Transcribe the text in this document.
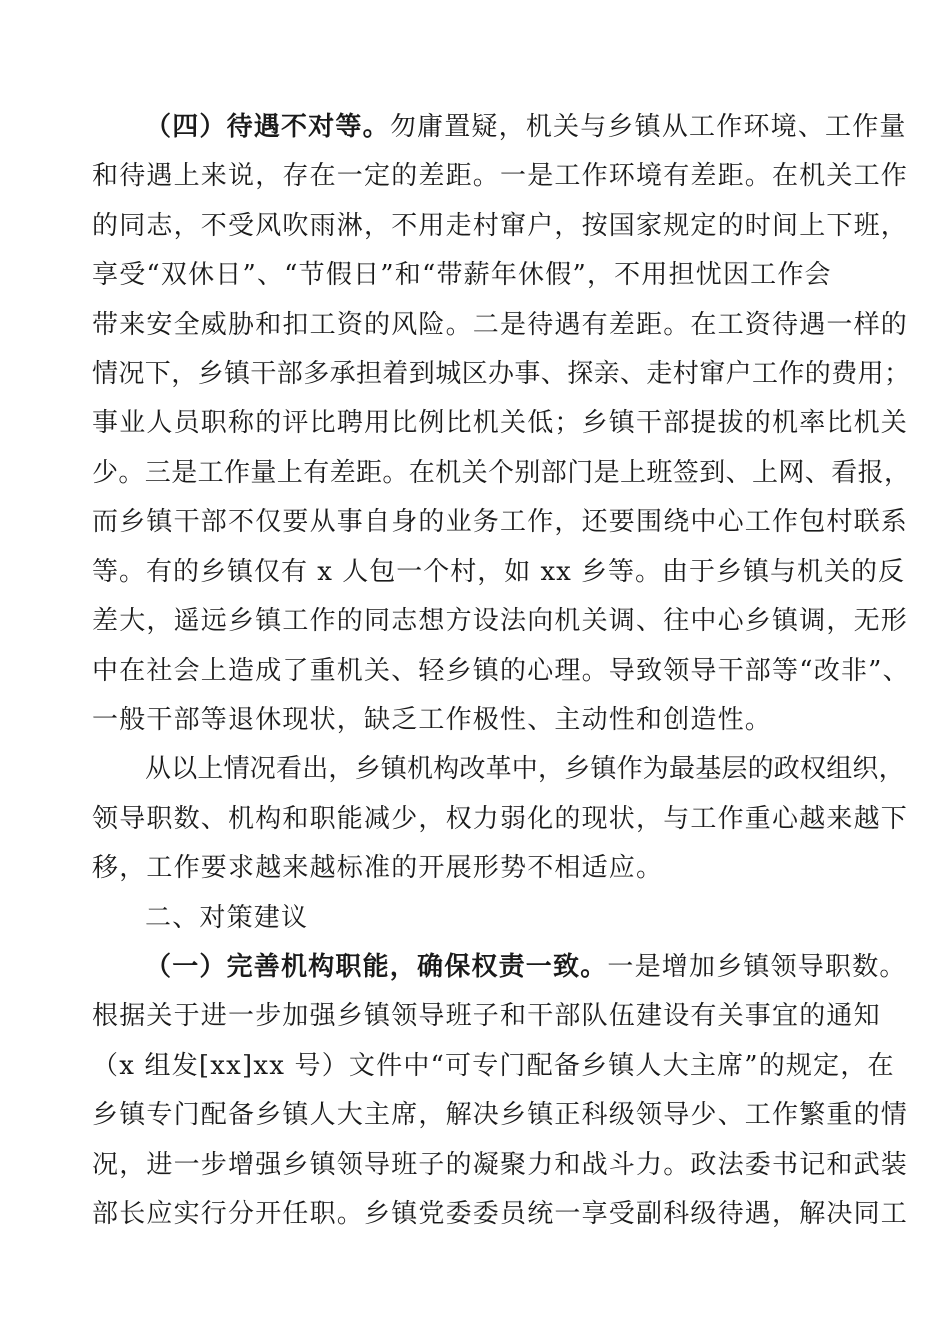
（四）待遇不对等。勿庸置疑，机关与乡镇从工作环境、工作量
和待遇上来说，存在一定的差距。一是工作环境有差距。在机关工作
的同志，不受风吹雨淋，不用走村窜户，按国家规定的时间上下班，
享受“双休日”、“节假日”和“带薪年休假”，不用担忧因工作会
带来安全威胁和扣工资的风险。二是待遇有差距。在工资待遇一样的
情况下，乡镇干部多承担着到城区办事、探亲、走村窜户工作的费用；
事业人员职称的评比聘用比例比机关低；乡镇干部提拔的机率比机关
少。三是工作量上有差距。在机关个别部门是上班签到、上网、看报，
而乡镇干部不仅要从事自身的业务工作，还要围绕中心工作包村联系
等。有的乡镇仅有 x 人包一个村，如 xx 乡等。由于乡镇与机关的反
差大，遥远乡镇工作的同志想方设法向机关调、往中心乡镇调，无形
中在社会上造成了重机关、轻乡镇的心理。导致领导干部等“改非”、
一般干部等退休现状，缺乏工作极性、主动性和创造性。
从以上情况看出，乡镇机构改革中，乡镇作为最基层的政权组织，
领导职数、机构和职能减少，权力弱化的现状，与工作重心越来越下
移，工作要求越来越标准的开展形势不相适应。
二、对策建议
（一）完善机构职能，确保权责一致。一是增加乡镇领导职数。
根据关于进一步加强乡镇领导班子和干部队伍建设有关事宜的通知
（x 组发[xx]xx 号）文件中“可专门配备乡镇人大主席”的规定，在
乡镇专门配备乡镇人大主席，解决乡镇正科级领导少、工作繁重的情
况，进一步增强乡镇领导班子的凝聚力和战斗力。政法委书记和武装
部长应实行分开任职。乡镇党委委员统一享受副科级待遇，解决同工
